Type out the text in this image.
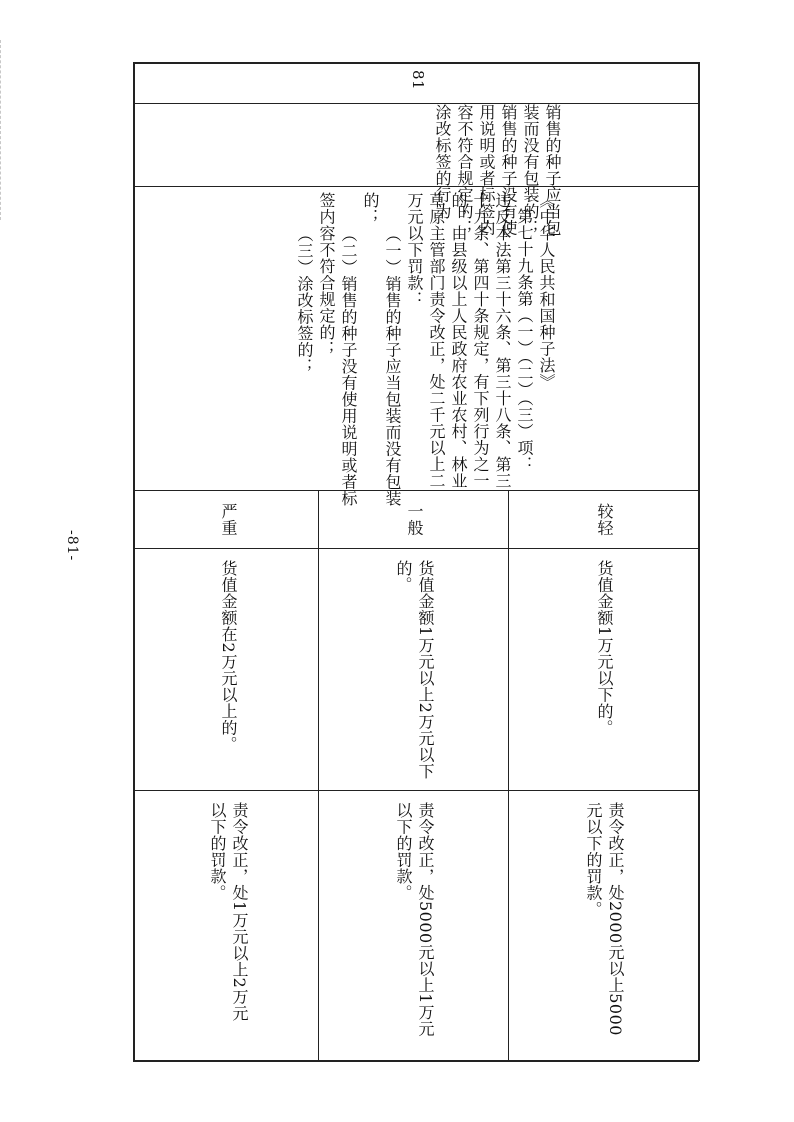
81
销售的种子应当包
装而没有包装的；
销售的种子没有使
用说明或者标签内
容不符合规定的；
涂改标签的行为
《中华人民共和国种子法》
第七十九条第（一）（二）（三）项：
违反本法第三十六条、第三十八条、第三
十九条、第四十条规定，有下列行为之一
的，由县级以上人民政府农业农村、林业
草原主管部门责令改正，处二千元以上二
万元以下罚款：
（一）销售的种子应当包装而没有包装
的；
（二）销售的种子没有使用说明或者标
签内容不符合规定的；
（三）涂改标签的；
较轻
货值金额1万元以下的。
责令改正，处2000元以上5000
元以下的罚款。
一般
货值金额1万元以上2万元以下
的。
责令改正，处5000元以上1万元
以下的罚款。
严重
货值金额在2万元以上的。
责令改正，处1万元以上2万元
以下的罚款。
-81-
